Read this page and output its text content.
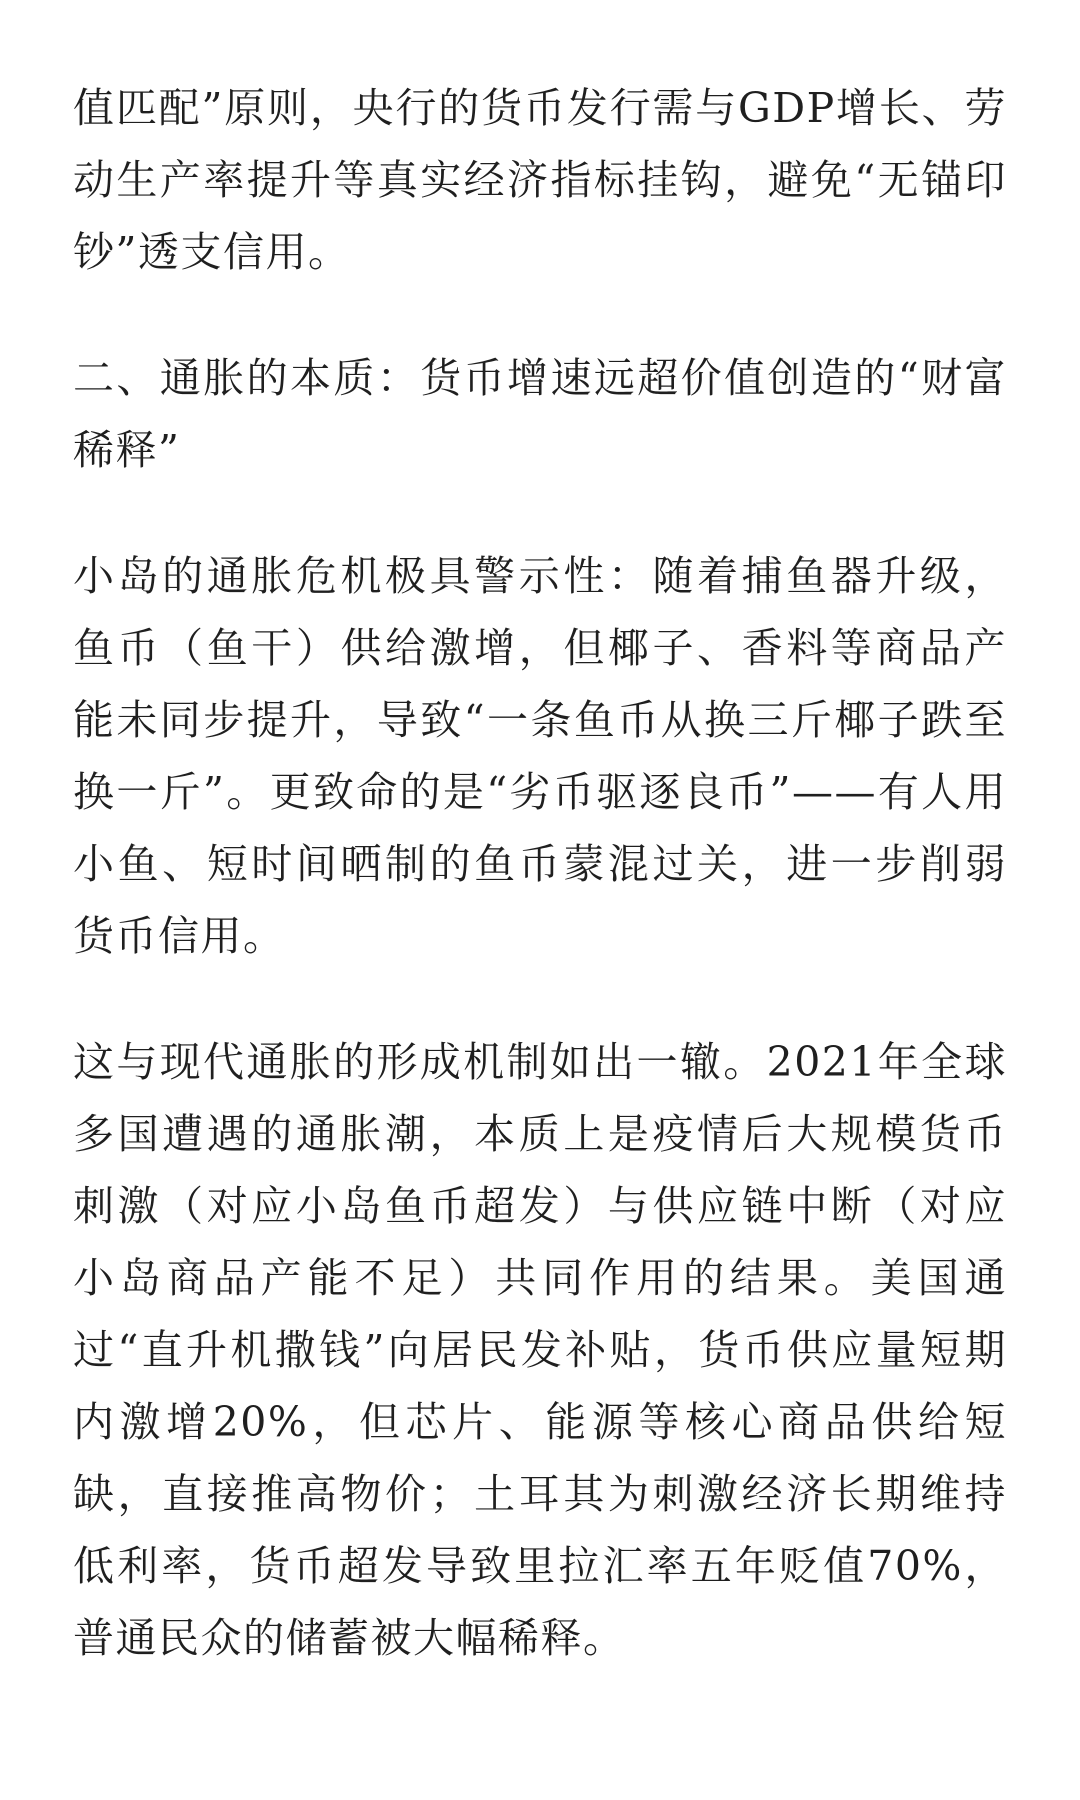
值匹配”原则，央行的货币发行需与GDP增长、劳动生产率提升等真实经济指标挂钩，避免“无锚印钞”透支信用。

二、通胀的本质：货币增速远超价值创造的“财富稀释”

小岛的通胀危机极具警示性：随着捕鱼器升级，鱼币（鱼干）供给激增，但椰子、香料等商品产能未同步提升，导致“一条鱼币从换三斤椰子跌至换一斤”。更致命的是“劣币驱逐良币”——有人用小鱼、短时间晒制的鱼币蒙混过关，进一步削弱货币信用。

这与现代通胀的形成机制如出一辙。2021年全球多国遭遇的通胀潮，本质上是疫情后大规模货币刺激（对应小岛鱼币超发）与供应链中断（对应小岛商品产能不足）共同作用的结果。美国通过“直升机撒钱”向居民发补贴，货币供应量短期内激增20%，但芯片、能源等核心商品供给短缺，直接推高物价；土耳其为刺激经济长期维持低利率，货币超发导致里拉汇率五年贬值70%，普通民众的储蓄被大幅稀释。
